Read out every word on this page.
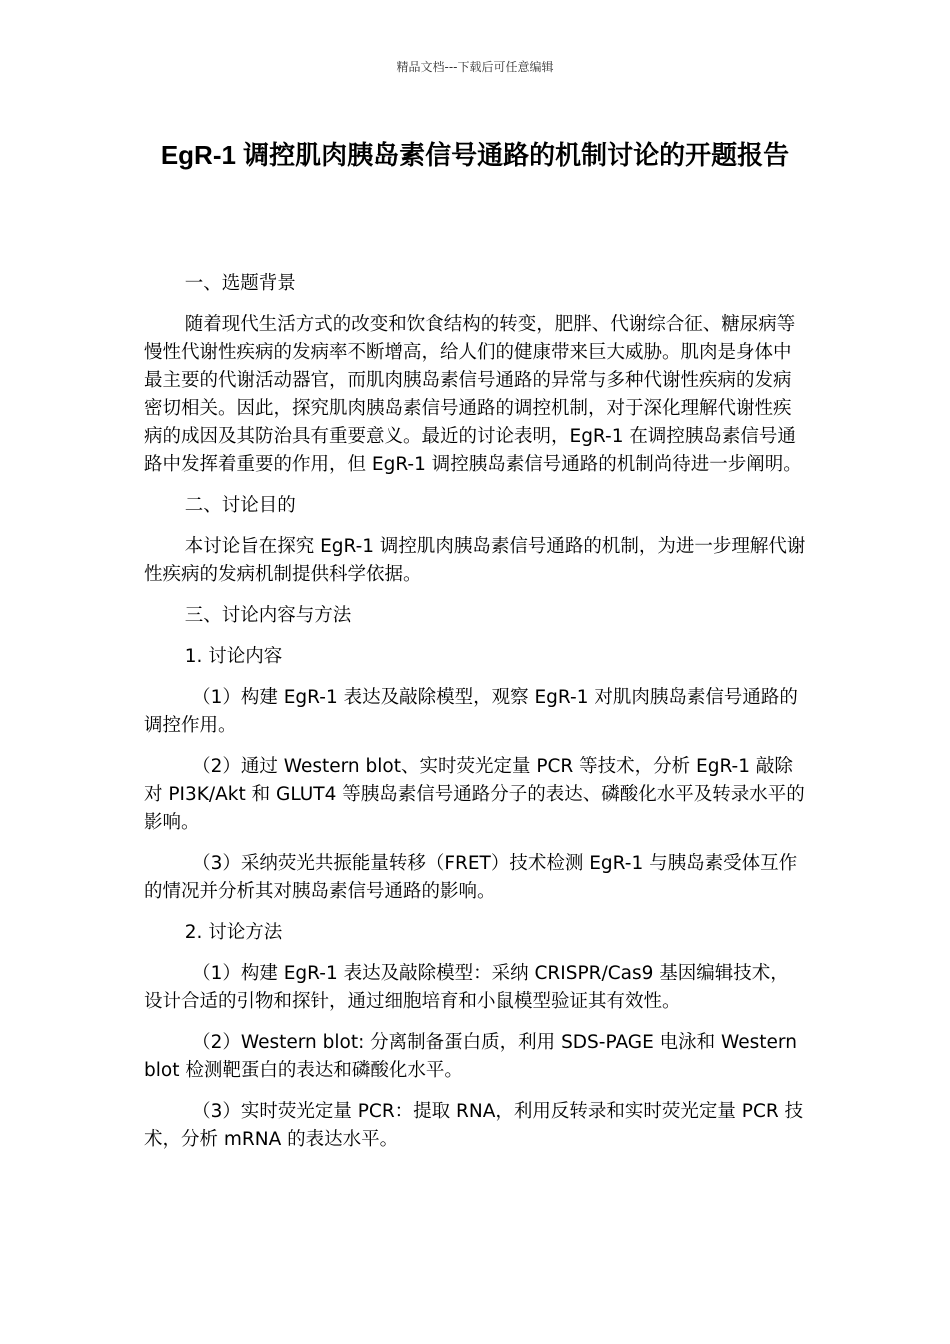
精品文档---下载后可任意编辑
EgR-1 调控肌肉胰岛素信号通路的机制讨论的开题报告

一、选题背景

随着现代生活方式的改变和饮食结构的转变，肥胖、代谢综合征、糖尿病等慢性代谢性疾病的发病率不断增高，给人们的健康带来巨大威胁。肌肉是身体中最主要的代谢活动器官，而肌肉胰岛素信号通路的异常与多种代谢性疾病的发病密切相关。因此，探究肌肉胰岛素信号通路的调控机制，对于深化理解代谢性疾病的成因及其防治具有重要意义。最近的讨论表明，EgR-1 在调控胰岛素信号通路中发挥着重要的作用，但 EgR-1 调控胰岛素信号通路的机制尚待进一步阐明。

二、讨论目的

本讨论旨在探究 EgR-1 调控肌肉胰岛素信号通路的机制，为进一步理解代谢性疾病的发病机制提供科学依据。

三、讨论内容与方法

1. 讨论内容

（1）构建 EgR-1 表达及敲除模型，观察 EgR-1 对肌肉胰岛素信号通路的调控作用。

（2）通过 Western blot、实时荧光定量 PCR 等技术，分析 EgR-1 敲除对 PI3K/Akt 和 GLUT4 等胰岛素信号通路分子的表达、磷酸化水平及转录水平的影响。

（3）采纳荧光共振能量转移（FRET）技术检测 EgR-1 与胰岛素受体互作的情况并分析其对胰岛素信号通路的影响。

2. 讨论方法

（1）构建 EgR-1 表达及敲除模型：采纳 CRISPR/Cas9 基因编辑技术，设计合适的引物和探针，通过细胞培育和小鼠模型验证其有效性。

（2）Western blot: 分离制备蛋白质，利用 SDS-PAGE 电泳和 Western blot 检测靶蛋白的表达和磷酸化水平。

（3）实时荧光定量 PCR：提取 RNA，利用反转录和实时荧光定量 PCR 技术，分析 mRNA 的表达水平。
